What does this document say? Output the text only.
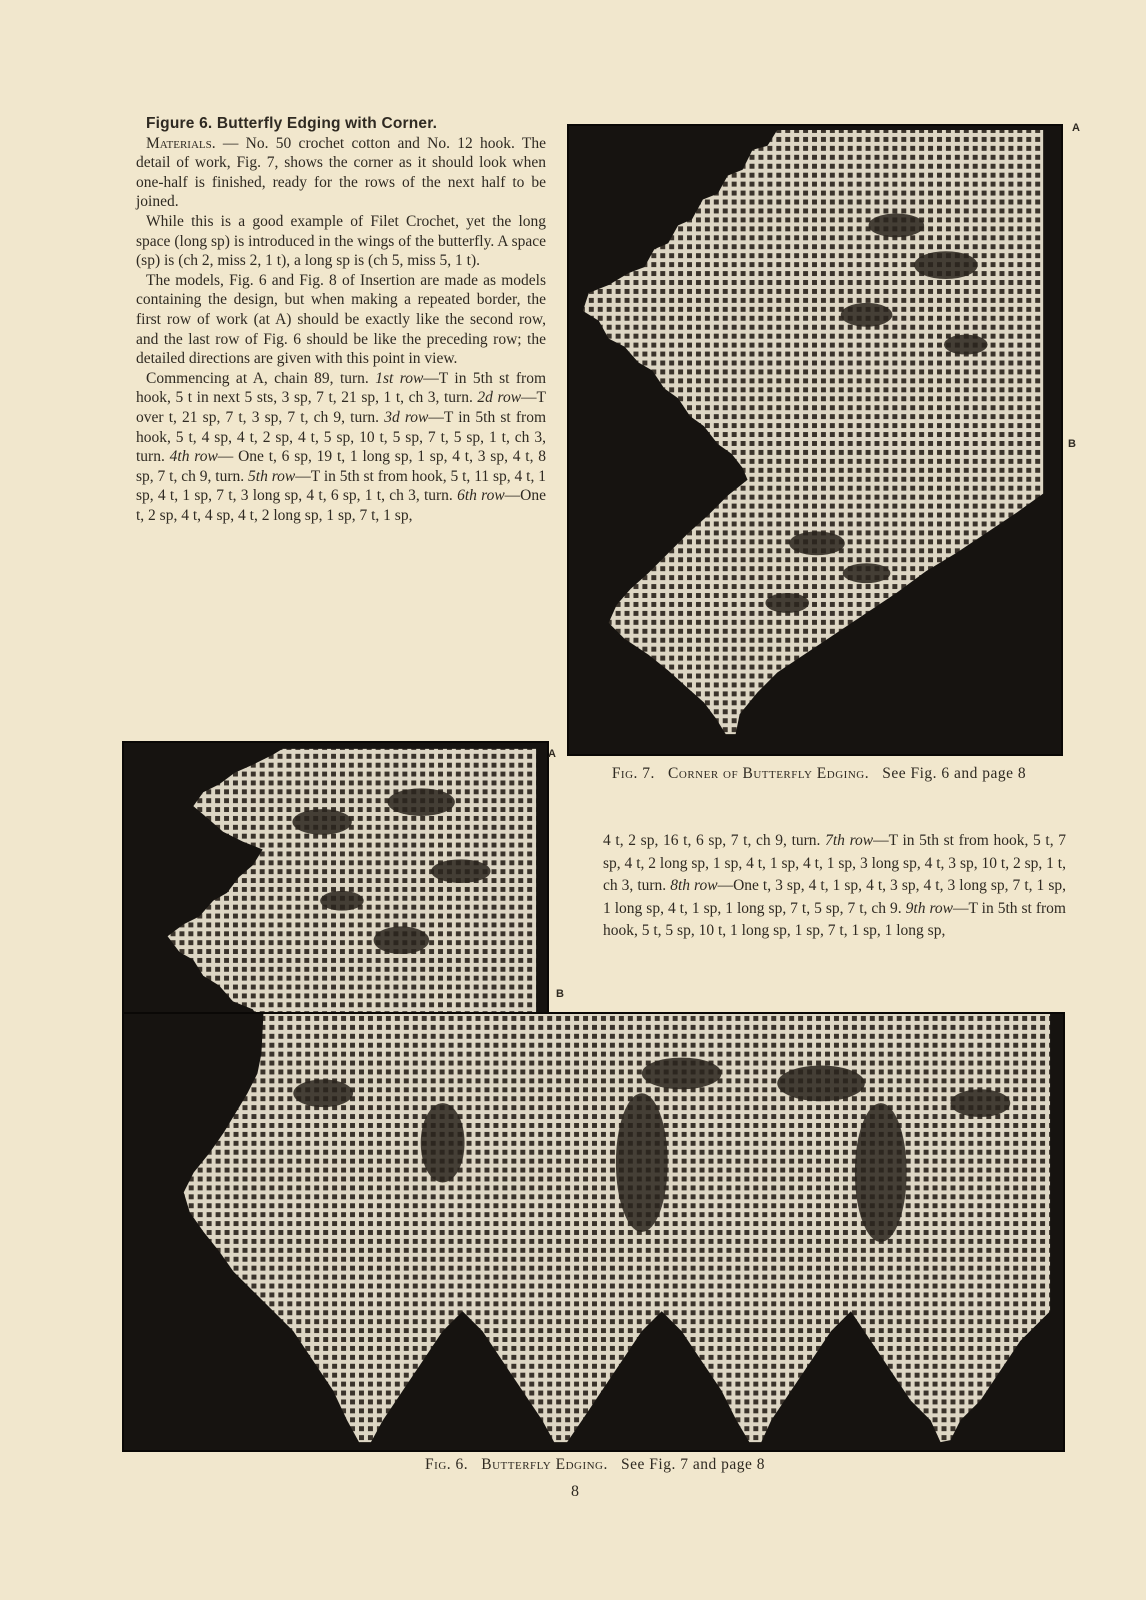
Figure 6. Butterfly Edging with Corner.

Materials. — No. 50 crochet cotton and No. 12 hook. The detail of work, Fig. 7, shows the corner as it should look when one-half is finished, ready for the rows of the next half to be joined.

While this is a good example of Filet Crochet, yet the long space (long sp) is introduced in the wings of the butterfly. A space (sp) is (ch 2, miss 2, 1 t), a long sp is (ch 5, miss 5, 1 t).

The models, Fig. 6 and Fig. 8 of Insertion are made as models containing the design, but when making a repeated border, the first row of work (at A) should be exactly like the second row, and the last row of Fig. 6 should be like the preceding row; the detailed directions are given with this point in view.

Commencing at A, chain 89, turn. 1st row—T in 5th st from hook, 5 t in next 5 sts, 3 sp, 7 t, 21 sp, 1 t, ch 3, turn. 2d row—T over t, 21 sp, 7 t, 3 sp, 7 t, ch 9, turn. 3d row—T in 5th st from hook, 5 t, 4 sp, 4 t, 2 sp, 4 t, 5 sp, 10 t, 5 sp, 7 t, 5 sp, 1 t, ch 3, turn. 4th row— One t, 6 sp, 19 t, 1 long sp, 1 sp, 4 t, 3 sp, 4 t, 8 sp, 7 t, ch 9, turn. 5th row—T in 5th st from hook, 5 t, 11 sp, 4 t, 1 sp, 4 t, 1 sp, 7 t, 3 long sp, 4 t, 6 sp, 1 t, ch 3, turn. 6th row—One t, 2 sp, 4 t, 4 sp, 4 t, 2 long sp, 1 sp, 7 t, 1 sp,

A
B
Fig. 7. Corner of Butterfly Edging. See Fig. 6 and page 8

4 t, 2 sp, 16 t, 6 sp, 7 t, ch 9, turn. 7th row—T in 5th st from hook, 5 t, 7 sp, 4 t, 2 long sp, 1 sp, 4 t, 1 sp, 4 t, 1 sp, 3 long sp, 4 t, 3 sp, 10 t, 2 sp, 1 t, ch 3, turn. 8th row—One t, 3 sp, 4 t, 1 sp, 4 t, 3 sp, 4 t, 3 long sp, 7 t, 1 sp, 1 long sp, 4 t, 1 sp, 1 long sp, 7 t, 5 sp, 7 t, ch 9. 9th row—T in 5th st from hook, 5 t, 5 sp, 10 t, 1 long sp, 1 sp, 7 t, 1 sp, 1 long sp,

A
B
Fig. 6. Butterfly Edging. See Fig. 7 and page 8
8
